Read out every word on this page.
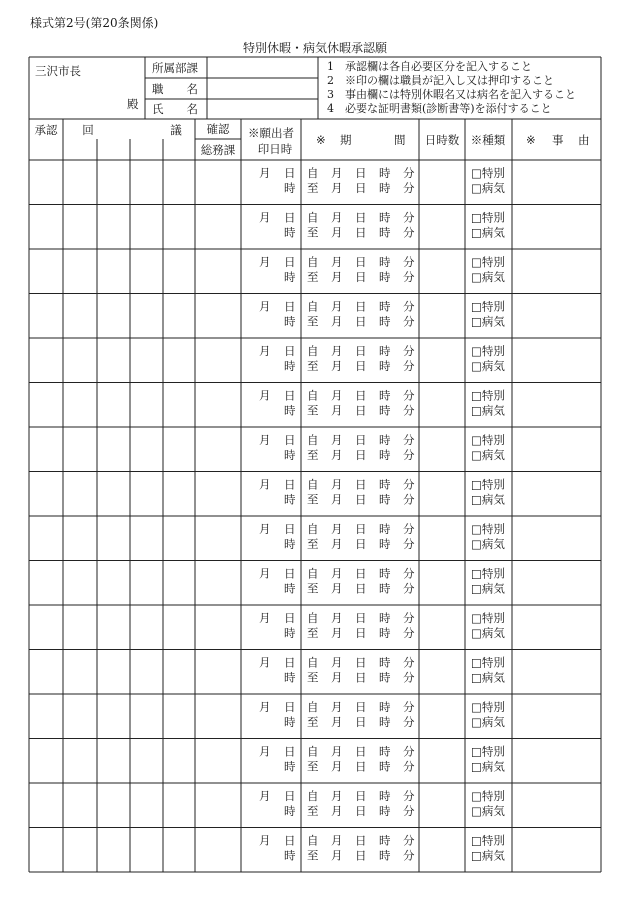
様式第2号(第20条関係)
特別休暇・病気休暇承認願
三沢市長
殿
所属部課
職　　名
氏　　名
1　承認欄は各自必要区分を記入すること
2　※印の欄は職員が記入し又は押印すること
3　事由欄には特別休暇名又は病名を記入すること
4　必要な証明書類(診断書等)を添付すること
承認 回	議 確認
総務課
※願出者
印日時
※ 期	間 日時数 ※種類 ※ 事 由
月 日
時
自 月 日 時 分
至 月 日 時 分
□特別
□病気
月 日
時
自 月 日 時 分
至 月 日 時 分
□特別
□病気
月 日
時
自 月 日 時 分
至 月 日 時 分
□特別
□病気
月 日
時
自 月 日 時 分
至 月 日 時 分
□特別
□病気
月 日
時
自 月 日 時 分
至 月 日 時 分
□特別
□病気
月 日
時
自 月 日 時 分
至 月 日 時 分
□特別
□病気
月 日
時
自 月 日 時 分
至 月 日 時 分
□特別
□病気
月 日
時
自 月 日 時 分
至 月 日 時 分
□特別
□病気
月 日
時
自 月 日 時 分
至 月 日 時 分
□特別
□病気
月 日
時
自 月 日 時 分
至 月 日 時 分
□特別
□病気
月 日
時
自 月 日 時 分
至 月 日 時 分
□特別
□病気
月 日
時
自 月 日 時 分
至 月 日 時 分
□特別
□病気
月 日
時
自 月 日 時 分
至 月 日 時 分
□特別
□病気
月 日
時
自 月 日 時 分
至 月 日 時 分
□特別
□病気
月 日
時
自 月 日 時 分
至 月 日 時 分
□特別
□病気
月 日
時
自 月 日 時 分
至 月 日 時 分
□特別
□病気
